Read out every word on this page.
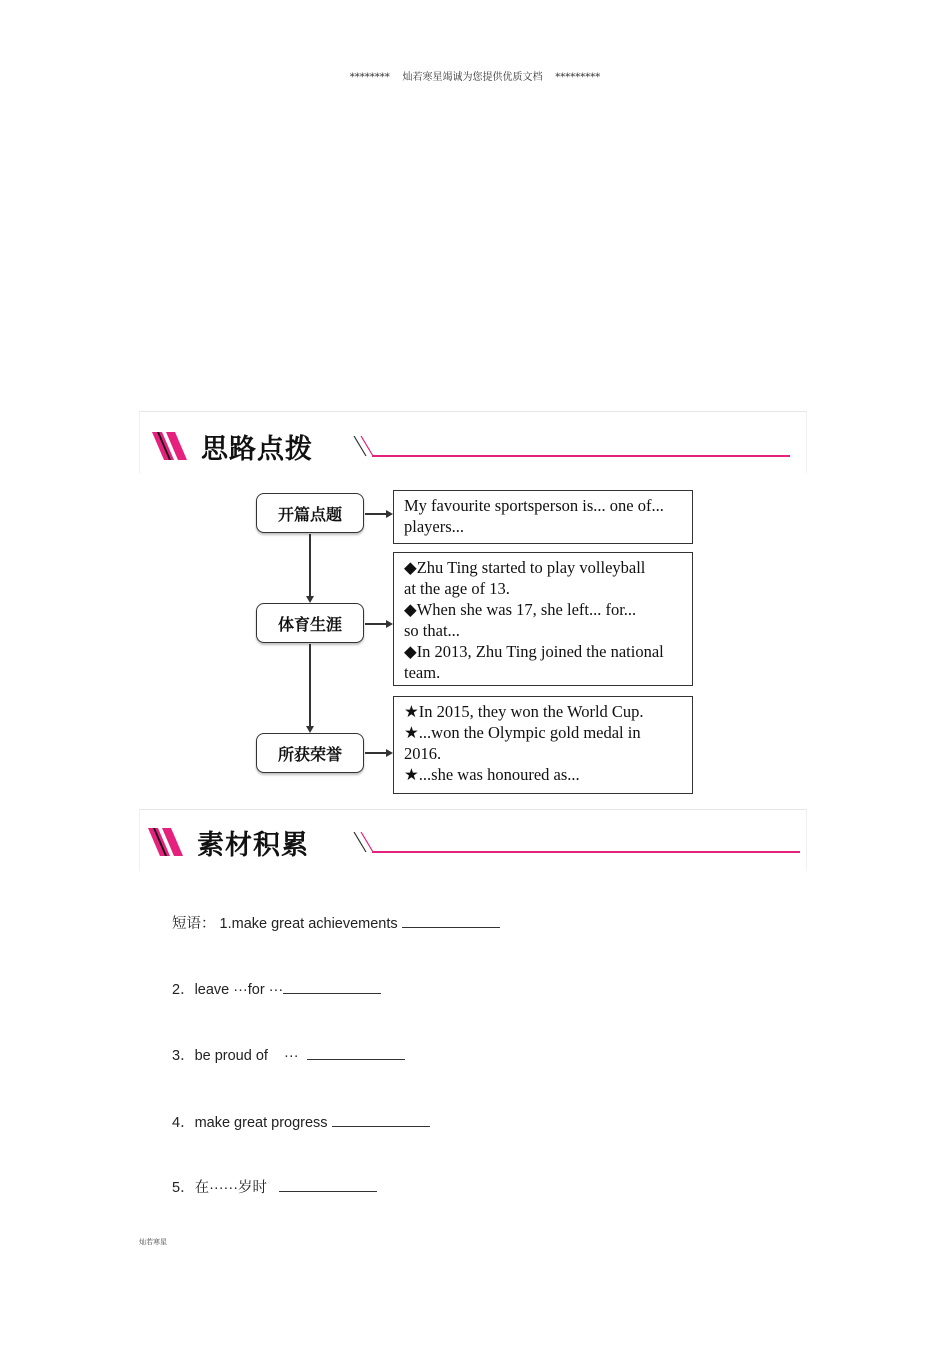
******** 灿若寒星竭诚为您提供优质文档 *********
思路点拨
开篇点题
体育生涯
所获荣誉
My favourite sportsperson is... one of...
players...
◆Zhu Ting started to play volleyball
at the age of 13.
◆When she was 17, she left... for...
so that...
◆In 2013, Zhu Ting joined the national
team.
★In 2015, they won the World Cup.
★...won the Olympic gold medal in
2016.
★...she was honoured as...
素材积累
短语： 1.make great achievements
2．leave ···for ···
3．be proud of    ···
4．make great progress
5．在······岁时
灿若寒星
